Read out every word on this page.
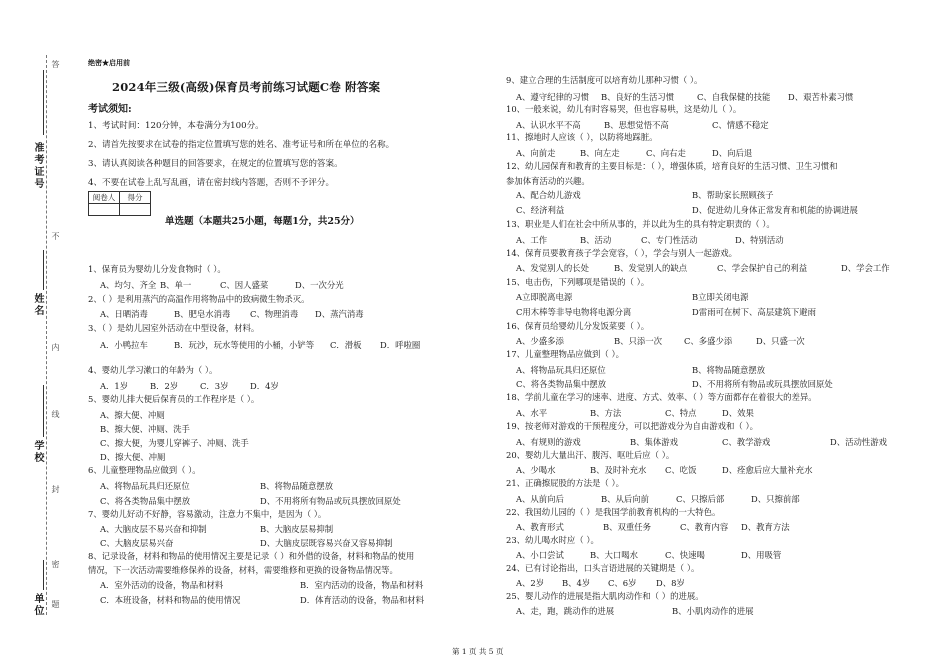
准考证号
姓名
学校
单位
答
不
内
线
封
密
题
绝密★启用前
2024年三级(高级)保育员考前练习试题C卷 附答案
考试须知:
1、考试时间：120分钟，本卷满分为100分。
2、请首先按要求在试卷的指定位置填写您的姓名、准考证号和所在单位的名称。
3、请认真阅读各种题目的回答要求，在规定的位置填写您的答案。
4、不要在试卷上乱写乱画，请在密封线内答题，否则不予评分。
阅卷人	得分

单选题（本题共25小题，每题1分，共25分）
1、保育员为婴幼儿分发食物时（ ）。
A、均匀、齐全 B、单一	C、因人盛菜	D、一次分光
2、（ ）是利用蒸汽的高温作用将物品中的致病微生物杀灭。
A、日晒消毒	B、肥皂水消毒 C、物理消毒 D、蒸汽消毒
3、（ ）是幼儿园室外活动在中型设备，材料。
A．小鸭拉车	B．玩沙，玩水等使用的小桶，小铲等 C．滑板 D．呼啦圈
4、婴幼儿学习漱口的年龄为（ ）。
A．1岁	B．2岁	C．3岁	D．4岁
5、婴幼儿排大便后保育员的工作程序是（ ）。
A、擦大便、冲厕
B、擦大便、冲厕、洗手
C、擦大便，为婴儿穿裤子、冲厕、洗手
D、擦大便、冲厕
6、儿童整理物品应做到（ ）。
A、将物品玩具归还原位	B、将物品随意摆放
C、将各类物品集中摆放	D、不用将所有物品或玩具摆放回原处
7、婴幼儿好动不好静，容易激动，注意力不集中，是因为（ ）。
A、大脑皮层不易兴奋和抑制	B、大脑皮层易抑制
C、大脑皮层易兴奋	D、大脑皮层既容易兴奋又容易抑制
8、记录设备，材料和物品的使用情况主要是记录（ ）和外借的设备，材料和物品的使用
情况，下一次活动需要维修保养的设备，材料，需要维修和更换的设备物品情况等。
A．室外活动的设备，物品和材料	B．室内活动的设备，物品和材料
C．本班设备，材料和物品的使用情况	D．体育活动的设备，物品和材料
9、建立合理的生活制度可以培育幼儿那种习惯（ ）。
A、遵守纪律的习惯 B、良好的生活习惯	C、自我保健的技能 D、艰苦朴素习惯
10、一般来说，幼儿有时容易哭，但也容易哄，这是幼儿（ ）。
A、认识水平不高	B、思想觉悟不高	C、情感不稳定
11、擦地时人应该（ ），以防将地踩脏。
A、向前走	B、向左走	C、向右走	D、向后退
12、幼儿园保育和教育的主要目标是：（ ），增强体质，培育良好的生活习惯、卫生习惯和
参加体育活动的兴趣。
A、配合幼儿游戏	B、帮助家长照顾孩子
C、经济利益	D、促进幼儿身体正常发育和机能的协调进展
13、职业是人们在社会中所从事的，并以此为生的具有特定职责的（ ）。
A、工作	B、活动	C、专门性活动	D、特别活动
14、保育员要教育孩子学会宽容，（ ），学会与别人一起游戏。
A、发觉别人的长处	B、发觉别人的缺点	C、学会保护自己的利益	D、学会工作
15、电击伤，下列哪项是错误的（ ）。
A立即脱离电源	B立即关闭电源
C用木棒等非导电物将电源分离	D雷雨可在树下、高层建筑下避雨
16、保育员给婴幼儿分发饭菜要（ ）。
A、少盛多添	B、只添一次	C、多盛少添	D、只盛一次
17、儿童整理物品应做到（ ）。
A、将物品玩具归还原位	B、将物品随意摆放
C、将各类物品集中摆放	D、不用将所有物品或玩具摆放回原处
18、学前儿童在学习的速率、进度、方式、效率、（ ）等方面都存在着很大的差异。
A、水平	B、方法	C、特点	D、效果
19、按老师对游戏的干预程度分，可以把游戏分为自由游戏和（ ）。
A、有规则的游戏	B、集体游戏	C、教学游戏	D、活动性游戏
20、婴幼儿大量出汗、腹泻、呕吐后应（ ）。
A、少喝水	B、及时补充水 C、吃饭	D、痊愈后应大量补充水
21、正确擦屁股的方法是（ ）。
A、从前向后	B、从后向前	C、只擦后部	D、只擦前部
22、我国幼儿园的（ ）是我国学前教育机构的一大特色。
A、教育形式	B、双重任务	C、教育内容 D、教育方法
23、幼儿喝水时应（ ）。
A、小口尝试	B、大口喝水	C、快速喝	D、用吸管
24、已有讨论指出，口头言语进展的关键期是（ ）。
A、2岁 B、4岁 C、6岁 D、8岁
25、婴儿动作的进展是指大肌肉动作和（ ）的进展。
A、走，跑，跳动作的进展	B、小肌肉动作的进展
第 1 页 共 5 页
